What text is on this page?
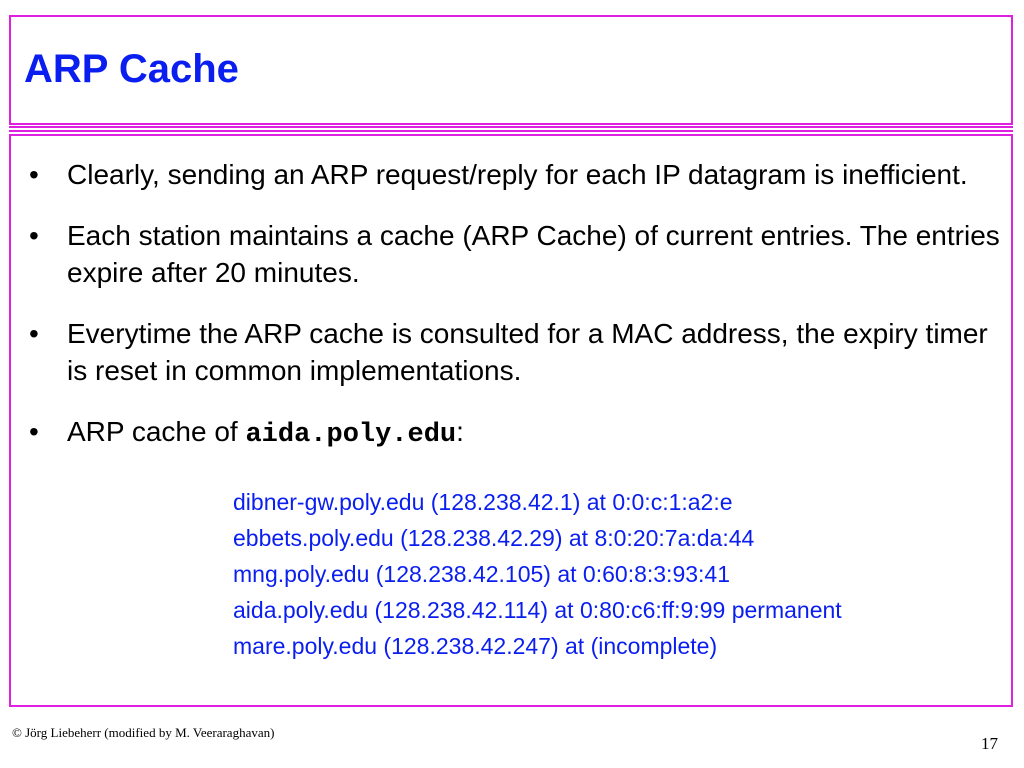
ARP Cache
• Clearly, sending an ARP request/reply for each IP datagram is inefficient.
• Each station maintains a cache (ARP Cache) of current entries. The entries expire after 20 minutes.
• Everytime the ARP cache is consulted for a MAC address, the expiry timer is reset in common implementations.
• ARP cache of aida.poly.edu:
dibner-gw.poly.edu (128.238.42.1) at 0:0:c:1:a2:e
ebbets.poly.edu (128.238.42.29) at 8:0:20:7a:da:44
mng.poly.edu (128.238.42.105) at 0:60:8:3:93:41
aida.poly.edu (128.238.42.114) at 0:80:c6:ff:9:99 permanent
mare.poly.edu (128.238.42.247) at (incomplete)
© Jörg Liebeherr (modified by M. Veeraraghavan)
17
